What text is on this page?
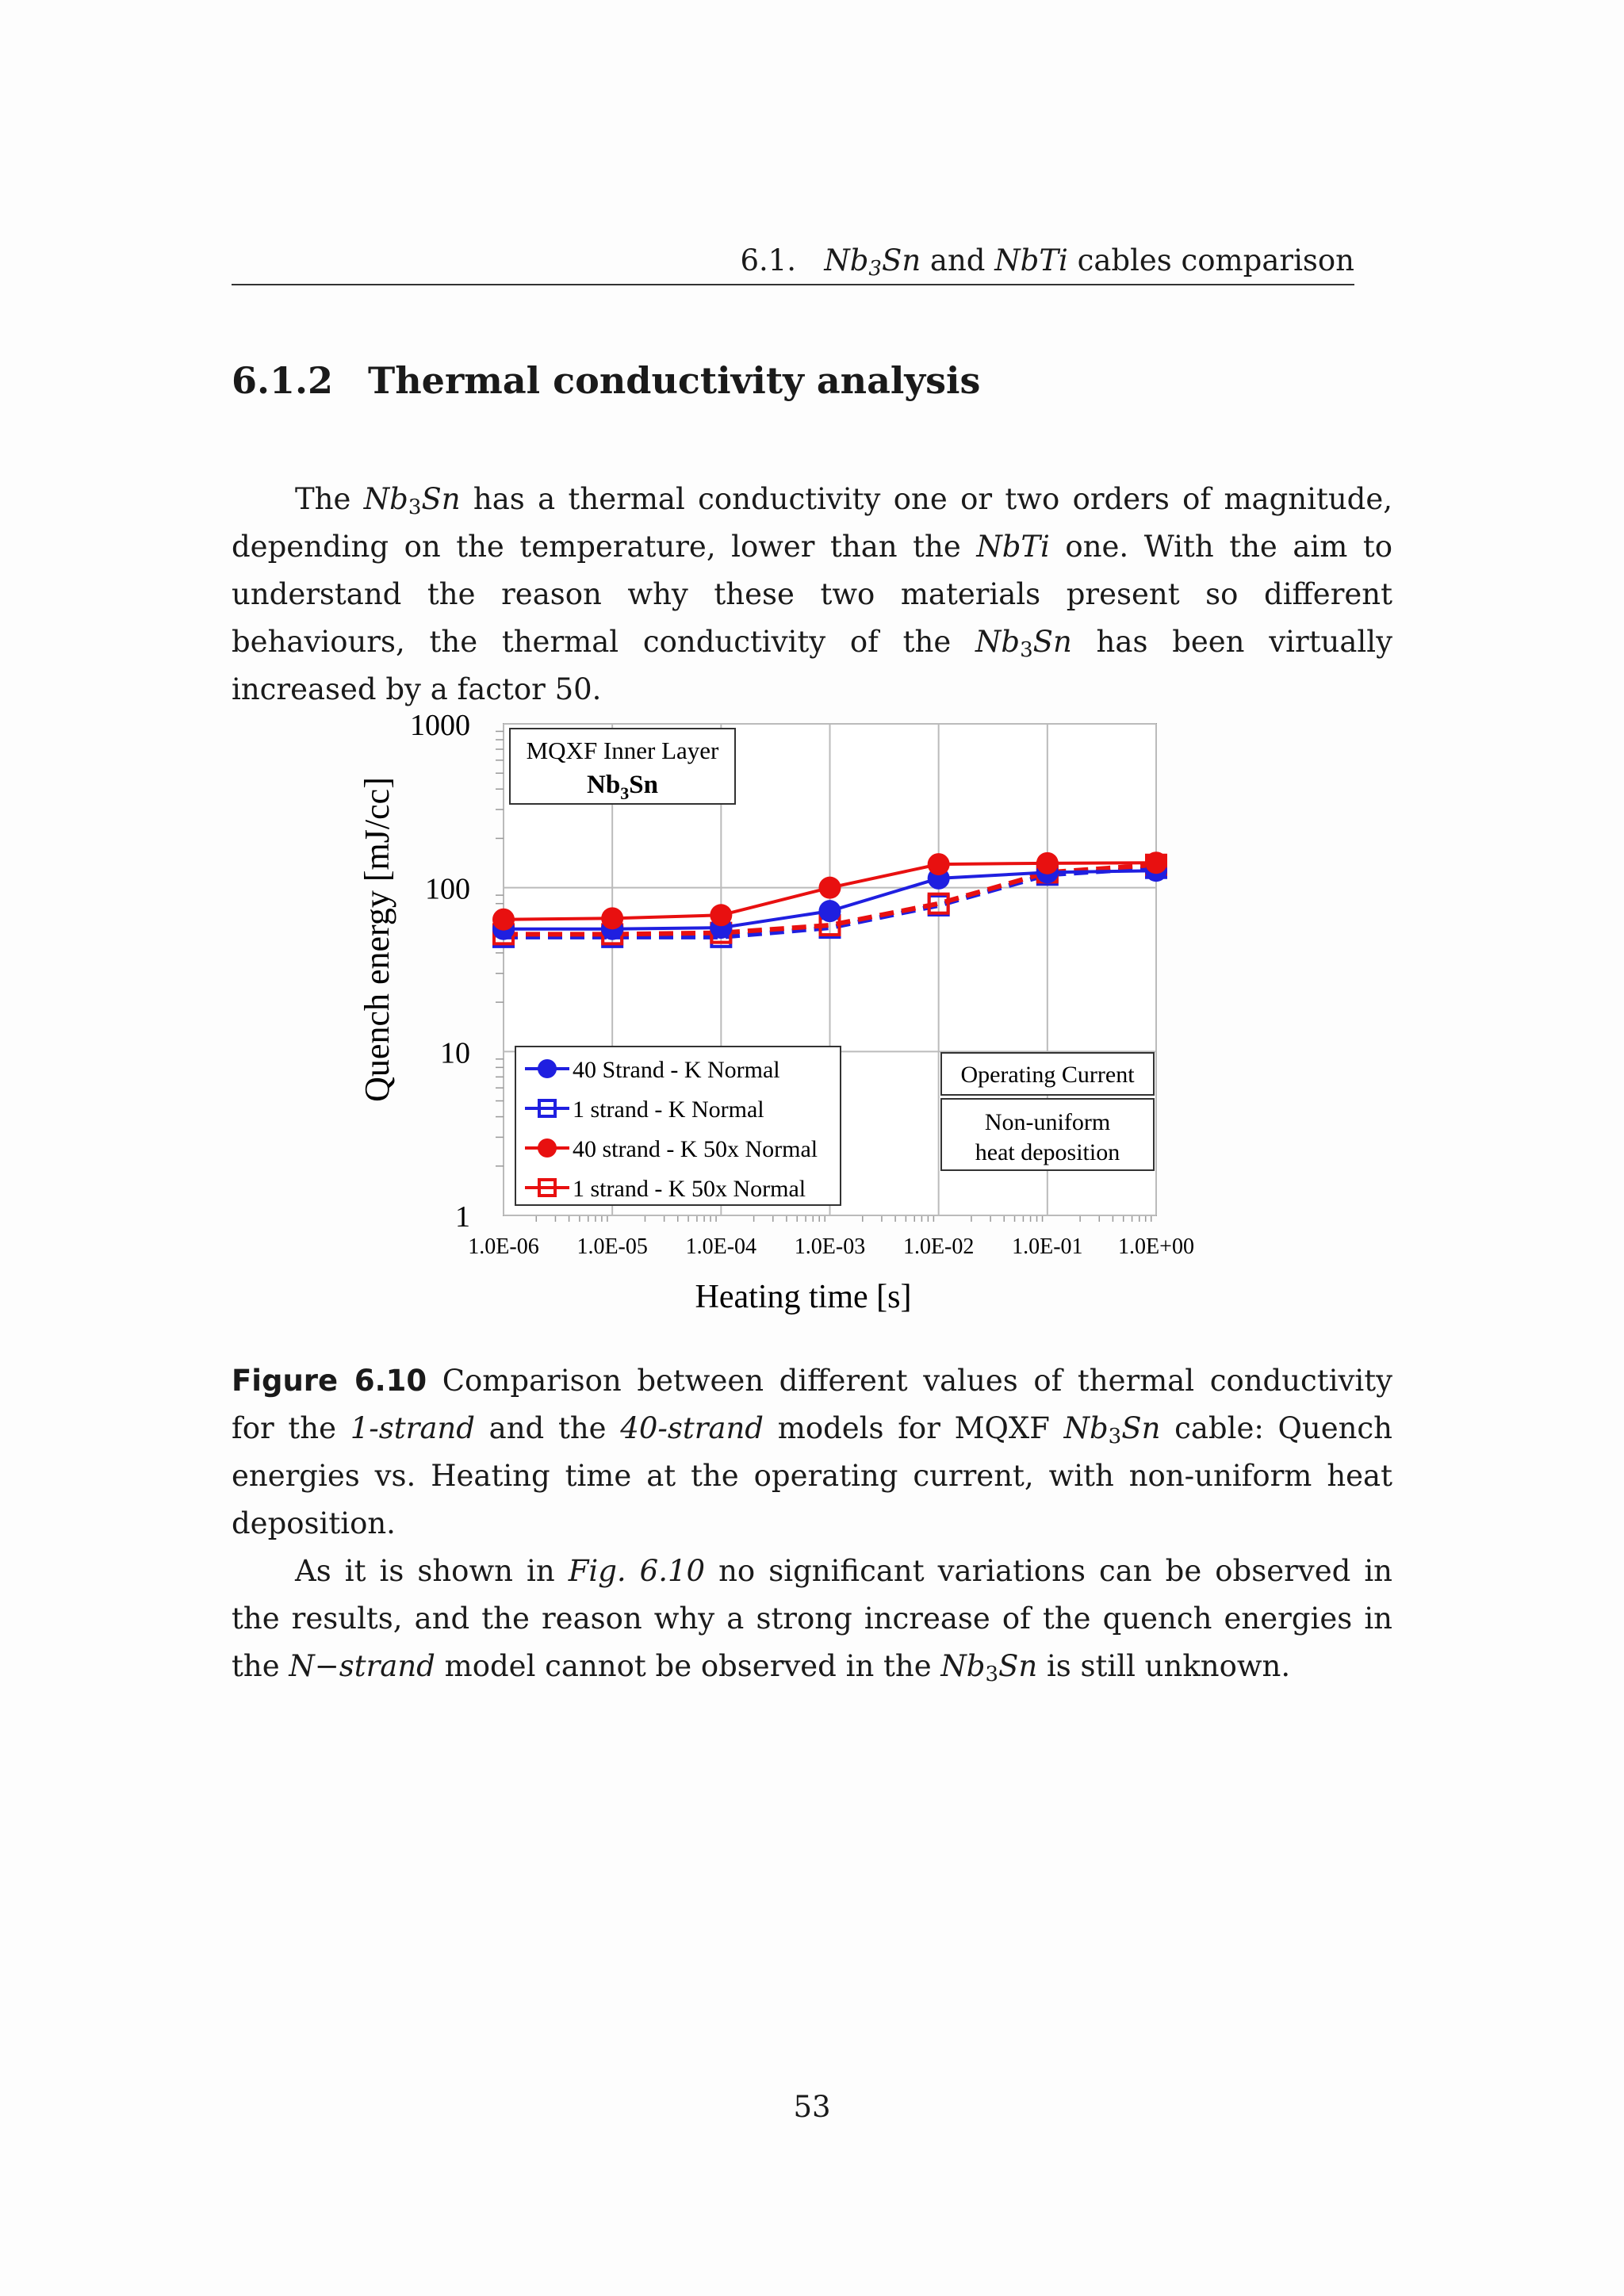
6.1. $Nb_3Sn$ and NbTi cables comparison
6.1.2 Thermal conductivity analysis
The $Nb_3Sn$ has a thermal conductivity one or two orders of magnitude, depending on the temperature, lower than the NbTi one. With the aim to understand the reason why these two materials present so different behaviours, the thermal conductivity of the $Nb_3Sn$ has been virtually increased by a factor 50.
1.0E-06 1.0E-05 1.0E-04 1.0E-03 1.0E-02 1.0E-01 1.0E+00
1
10
100
1000
Quench energy [mJ/cc]
Heating time [s]
MQXF Inner Layer
$Nb_3Sn$
40 Strand - K Normal
1 strand - K Normal
40 strand - K 50x Normal
1 strand - K 50x Normal
Operating Current
Non-uniform
heat deposition
Figure 6.10 Comparison between different values of thermal conductivity for the 1-strand and the 40-strand models for MQXF $Nb_3Sn$ cable: Quench energies vs. Heating time at the operating current, with non-uniform heat deposition.
As it is shown in Fig. 6.10 no significant variations can be observed in the results, and the reason why a strong increase of the quench energies in the N−strand model cannot be observed in the $Nb_3Sn$ is still unknown.
53
